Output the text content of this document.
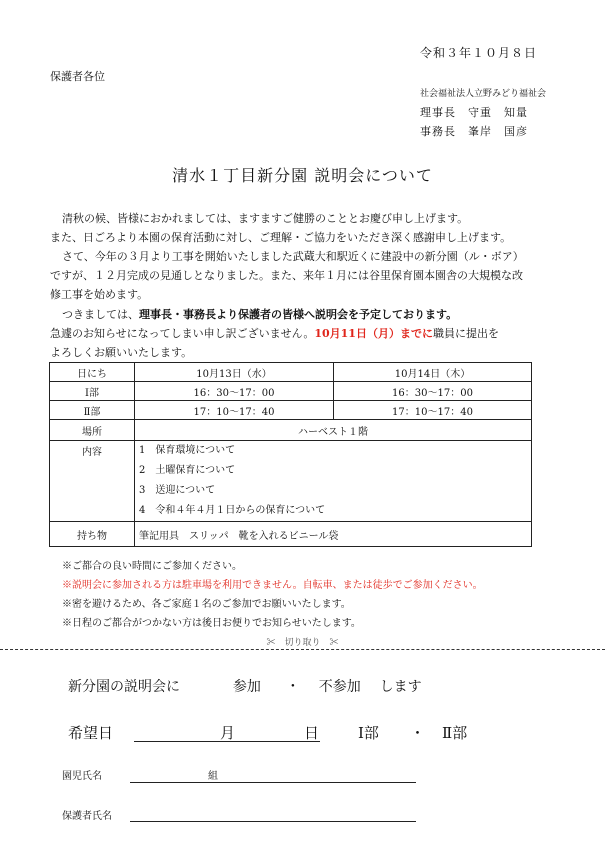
令和３年１０月８日
保護者各位
社会福祉法人立野みどり福祉会
理事長　守重　知量
事務長　峯岸　国彦
清水１丁目新分園 説明会について
清秋の候、皆様におかれましては、ますますご健勝のこととお慶び申し上げます。
また、日ごろより本園の保育活動に対し、ご理解・ご協力をいただき深く感謝申し上げます。
さて、今年の３月より工事を開始いたしました武蔵大和駅近くに建設中の新分園（ル・ボア）
ですが、１２月完成の見通しとなりました。また、来年１月には谷里保育園本園舎の大規模な改
修工事を始めます。
つきましては、理事長・事務長より保護者の皆様へ説明会を予定しております。
急遽のお知らせになってしまい申し訳ございません。10月11日（月）までに職員に提出を
よろしくお願いいたします。
日にち	10月13日（水）	10月14日（木）
Ⅰ部	16：30～17：00	16：30～17：00
Ⅱ部	17：10～17：40	17：10～17：40
場所	ハーベスト１階	
内容	1　保育環境について
2　土曜保育について
3　送迎について
4　令和４年４月１日からの保育について	

持ち物	筆記用具　スリッパ　靴を入れるビニール袋	
※ご都合の良い時間にご参加ください。
※説明会に参加される方は駐車場を利用できません。自転車、または徒歩でご参加ください。
※密を避けるため、各ご家庭１名のご参加でお願いいたします。
※日程のご都合がつかない方は後日お便りでお知らせいたします。
✂　切り取り　✂
新分園の説明会に	参加 ・ 不参加 します
希望日	月	日	Ⅰ部 ・ Ⅱ部
園児氏名	組
保護者氏名
